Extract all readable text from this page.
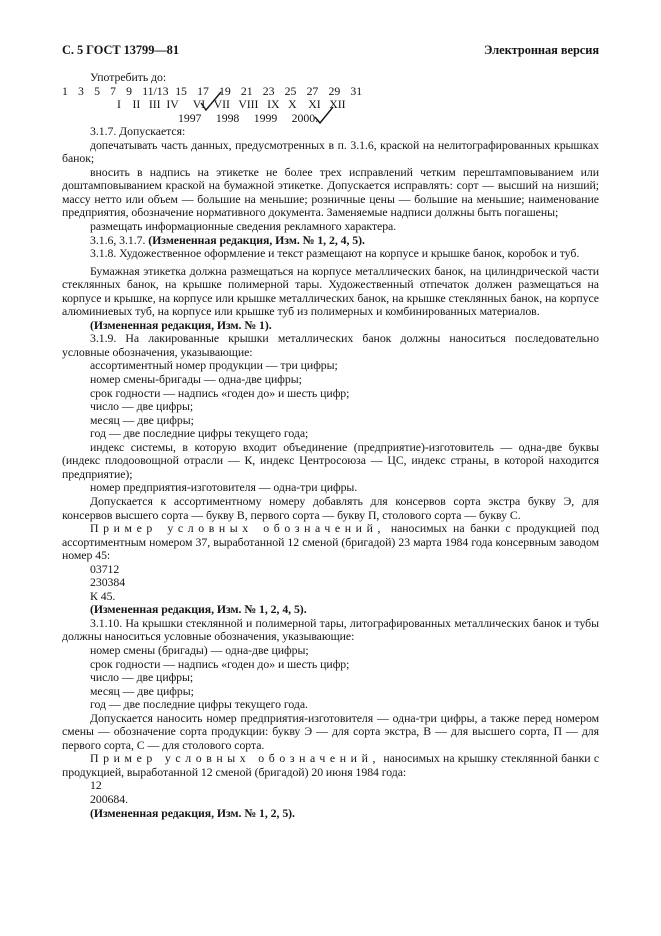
С. 5 ГОСТ 13799—81	Электронная версия

Употребить до:

1   3   5   7   9   11/13  15   17   19   21   23   25   27   29   31

I    II   III  IV     VI   VII   VIII   IX   X    XI   XII

1997     1998     1999     2000.

3.1.7. Допускается:

допечатывать часть данных, предусмотренных в п. 3.1.6, краской на нелитографированных крышках банок;

вносить в надпись на этикетке не более трех исправлений четким перештамповыванием или доштамповыванием краской на бумажной этикетке. Допускается исправлять: сорт — высший на низший; массу нетто или объем — большие на меньшие; розничные цены — большие на меньшие; наименование предприятия, обозначение нормативного документа. Заменяемые надписи должны быть погашены;

размещать информационные сведения рекламного характера.

3.1.6, 3.1.7. (Измененная редакция, Изм. № 1, 2, 4, 5).

3.1.8. Художественное оформление и текст размещают на корпусе и крышке банок, коробок и туб.

Бумажная этикетка должна размещаться на корпусе металлических банок, на цилиндрической части стеклянных банок, на крышке полимерной тары. Художественный отпечаток должен размещаться на корпусе и крышке, на корпусе или крышке металлических банок, на крышке стеклянных банок, на корпусе алюминиевых туб, на корпусе или крышке туб из полимерных и комбинированных материалов.

(Измененная редакция, Изм. № 1).

3.1.9. На лакированные крышки металлических банок должны наноситься последовательно условные обозначения, указывающие:

ассортиментный номер продукции — три цифры;

номер смены-бригады — одна-две цифры;

срок годности — надпись «годен до» и шесть цифр;

число — две цифры;

месяц — две цифры;

год — две последние цифры текущего года;

индекс системы, в которую входит объединение (предприятие)-изготовитель — одна-две буквы (индекс плодоовощной отрасли — К, индекс Центросоюза — ЦС, индекс страны, в которой находится предприятие);

номер предприятия-изготовителя — одна-три цифры.

Допускается к ассортиментному номеру добавлять для консервов сорта экстра букву Э, для консервов высшего сорта — букву В, первого сорта — букву П, столового сорта — букву С.

Пример условных обозначений, наносимых на банки с продукцией под ассортиментным номером 37, выработанной 12 сменой (бригадой) 23 марта 1984 года консервным заводом номер 45:

03712

230384

К 45.

(Измененная редакция, Изм. № 1, 2, 4, 5).

3.1.10. На крышки стеклянной и полимерной тары, литографированных металлических банок и тубы должны наноситься условные обозначения, указывающие:

номер смены (бригады) — одна-две цифры;

срок годности — надпись «годен до» и шесть цифр;

число — две цифры;

месяц — две цифры;

год — две последние цифры текущего года.

Допускается наносить номер предприятия-изготовителя — одна-три цифры, а также перед номером смены — обозначение сорта продукции: букву Э — для сорта экстра, В — для высшего сорта, П — для первого сорта, С — для столового сорта.

Пример условных обозначений, наносимых на крышку стеклянной банки с продукцией, выработанной 12 сменой (бригадой) 20 июня 1984 года:

12

200684.

(Измененная редакция, Изм. № 1, 2, 5).
